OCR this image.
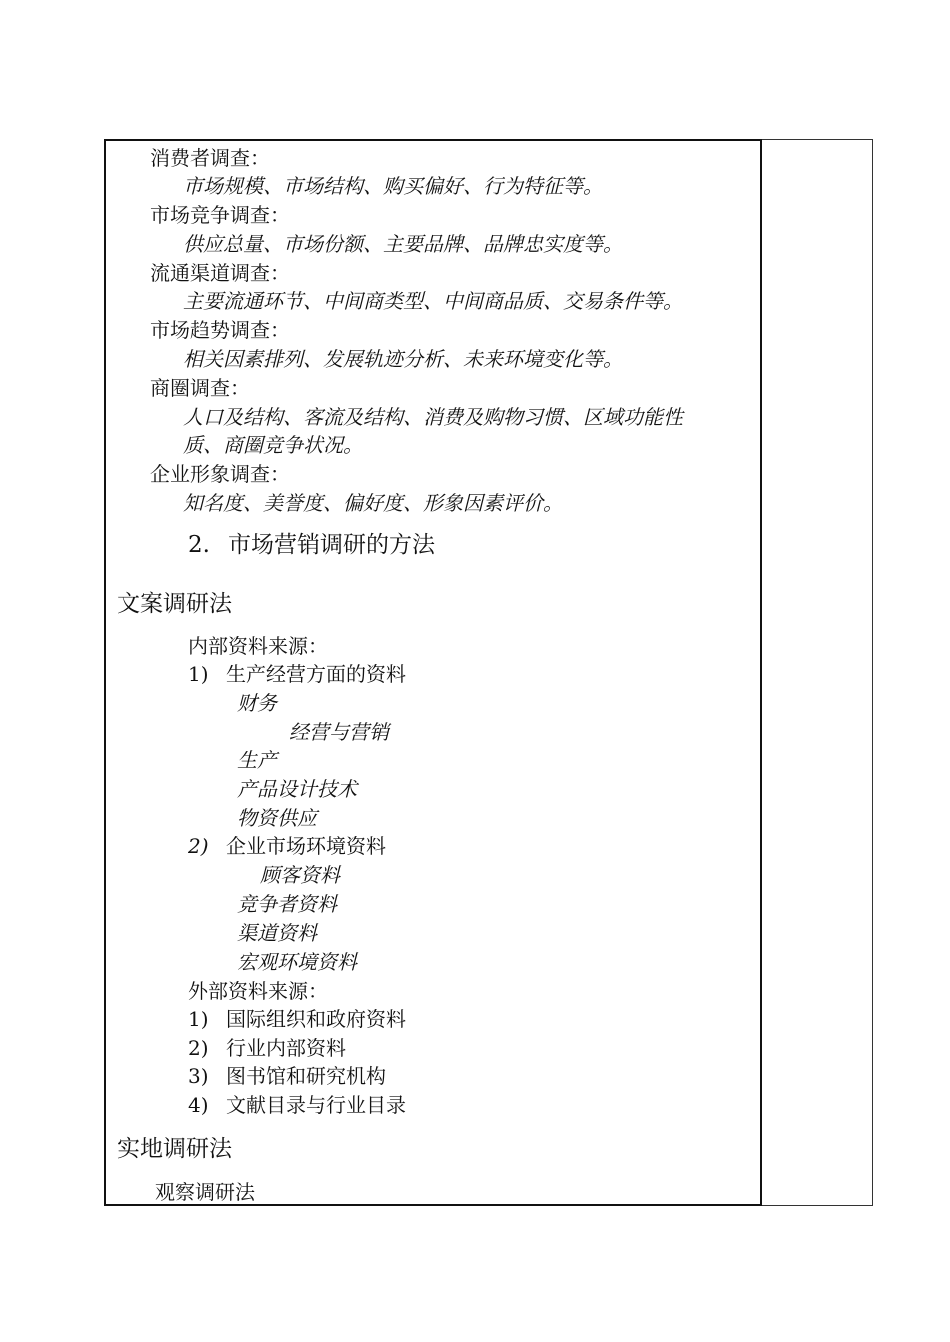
消费者调查：
市场规模、市场结构、购买偏好、行为特征等。
市场竞争调查：
供应总量、市场份额、主要品牌、品牌忠实度等。
流通渠道调查：
主要流通环节、中间商类型、中间商品质、交易条件等。
市场趋势调查：
相关因素排列、发展轨迹分析、未来环境变化等。
商圈调查：
人口及结构、客流及结构、消费及购物习惯、区域功能性
质、商圈竞争状况。
企业形象调查：
知名度、美誉度、偏好度、形象因素评价。
2. 市场营销调研的方法
文案调研法
内部资料来源：
1) 生产经营方面的资料
财务
经营与营销
生产
产品设计技术
物资供应
2) 企业市场环境资料
顾客资料
竞争者资料
渠道资料
宏观环境资料
外部资料来源：
1) 国际组织和政府资料
2) 行业内部资料
3) 图书馆和研究机构
4) 文献目录与行业目录
实地调研法
观察调研法
